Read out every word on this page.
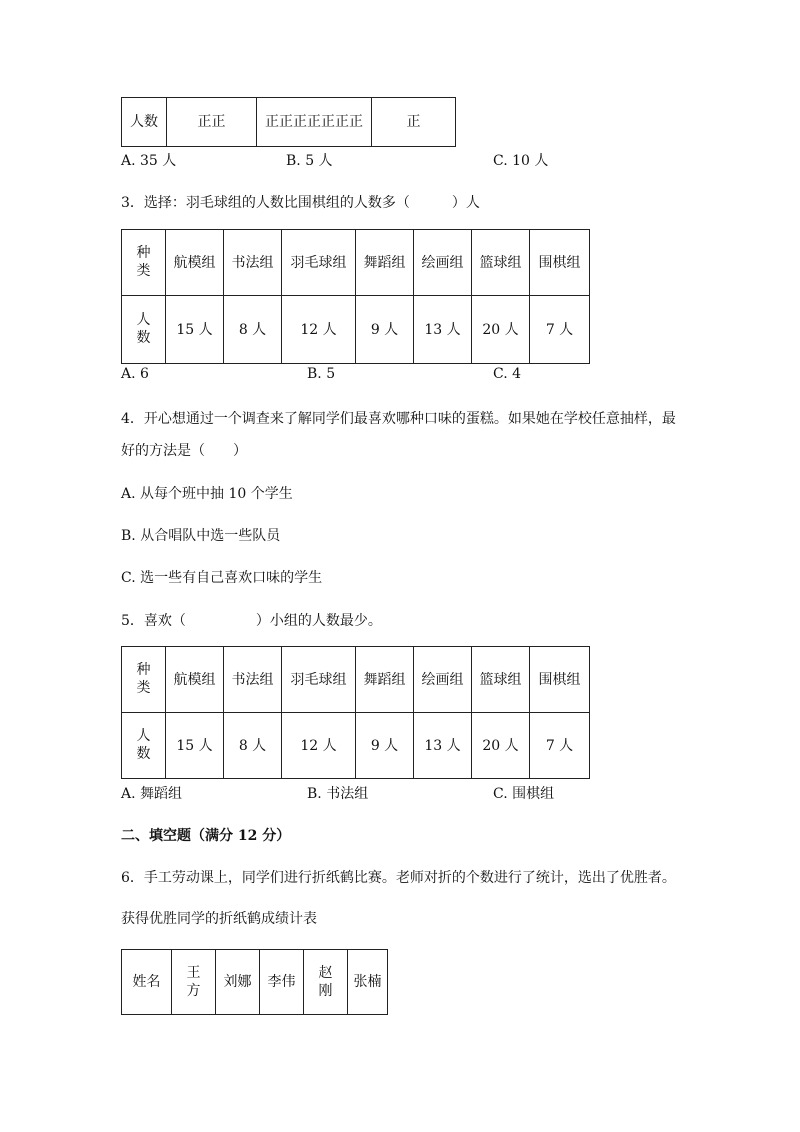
人数	正正	正正正正正正正	正
A. 35 人	B. 5 人	C. 10 人
3．选择：羽毛球组的人数比围棋组的人数多（　　　）人
种类	航模组	书法组	羽毛球组	舞蹈组	绘画组	篮球组	围棋组
人数	15 人	8 人	12 人	9 人	13 人	20 人	7 人
A. 6	B. 5	C. 4
4．开心想通过一个调查来了解同学们最喜欢哪种口味的蛋糕。如果她在学校任意抽样，最
好的方法是（　　）
A. 从每个班中抽 10 个学生
B. 从合唱队中选一些队员
C. 选一些有自己喜欢口味的学生
5．喜欢（　　　　　）小组的人数最少。
种类	航模组	书法组	羽毛球组	舞蹈组	绘画组	篮球组	围棋组
人数	15 人	8 人	12 人	9 人	13 人	20 人	7 人
A. 舞蹈组	B. 书法组	C. 围棋组
二、填空题（满分 12 分）
6．手工劳动课上，同学们进行折纸鹤比赛。老师对折的个数进行了统计，选出了优胜者。
获得优胜同学的折纸鹤成绩计表
姓名	王方	刘娜	李伟	赵刚	张楠
